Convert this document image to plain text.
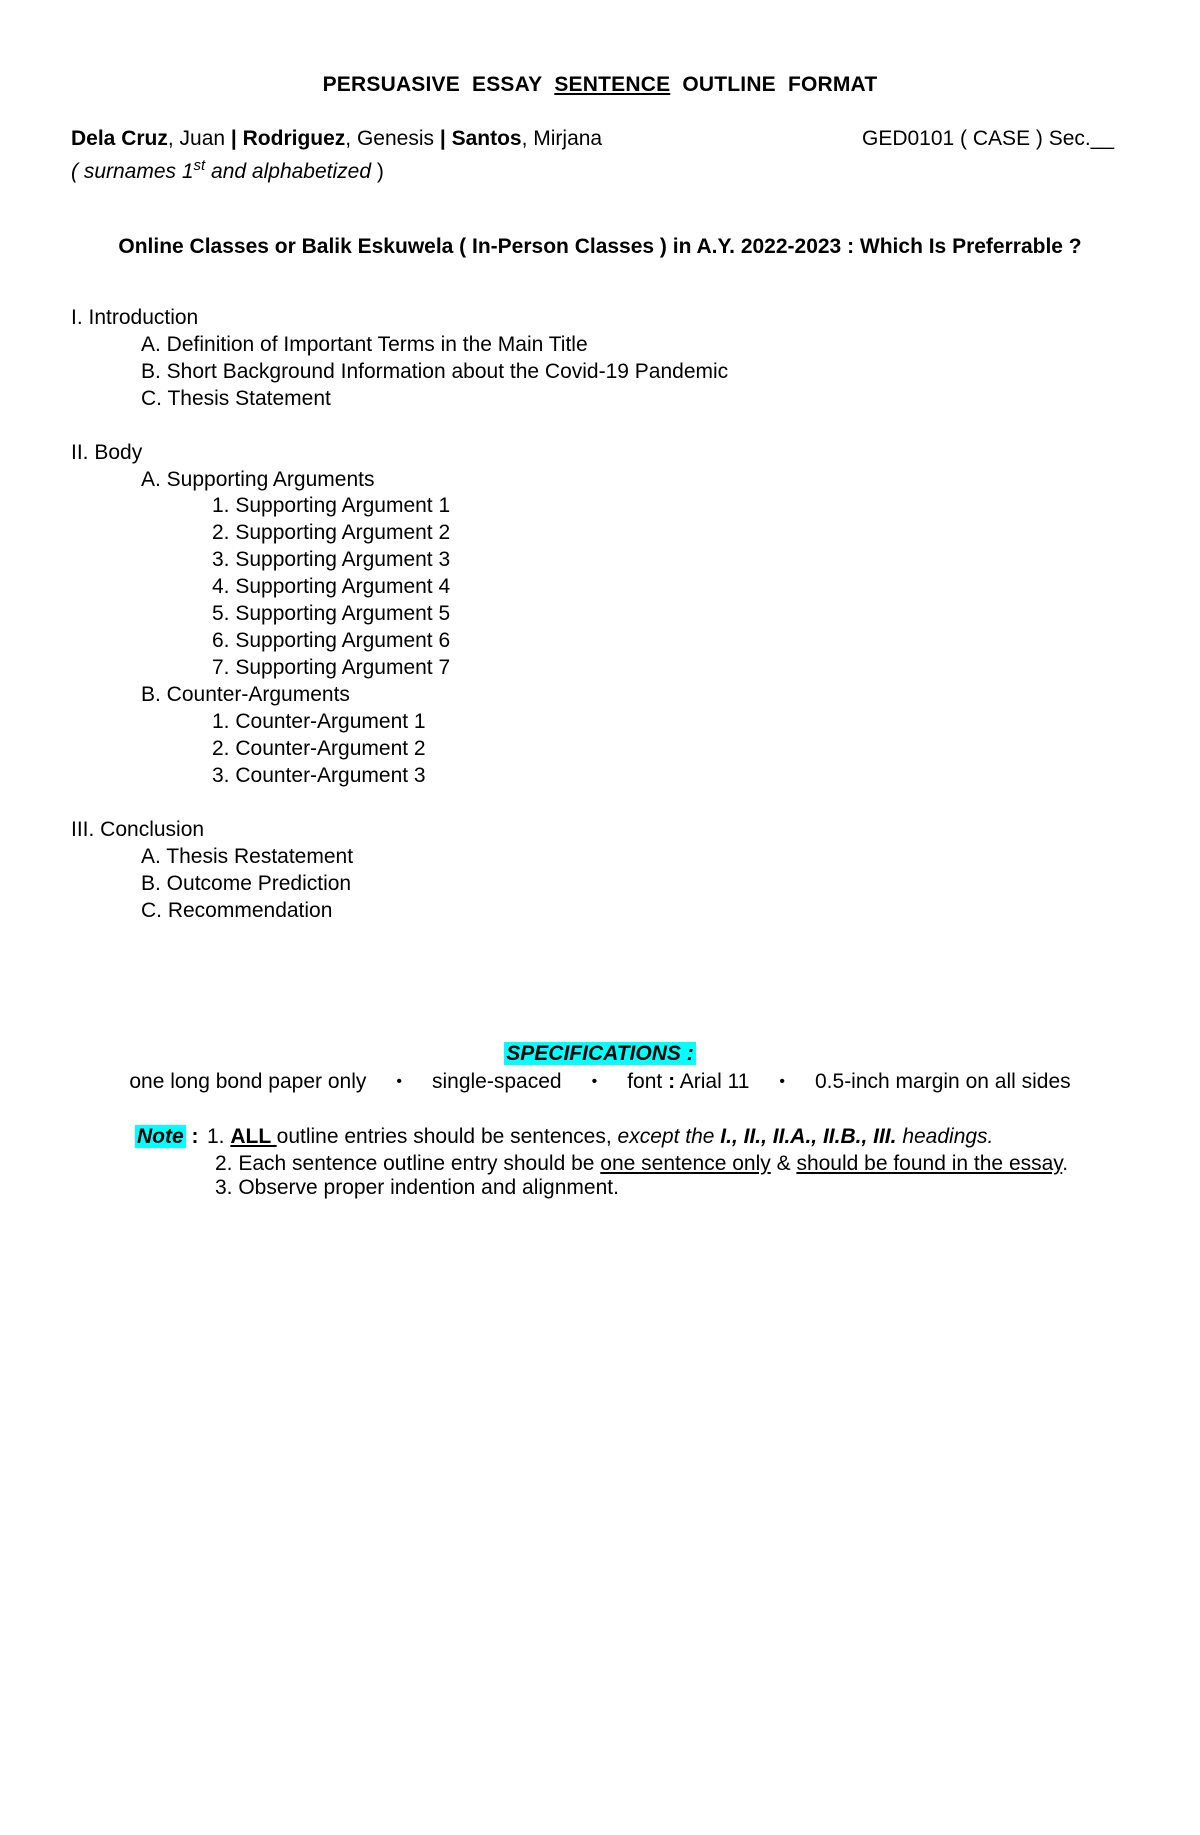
PERSUASIVE ESSAY SENTENCE OUTLINE FORMAT
Dela Cruz, Juan | Rodriguez, Genesis | Santos, Mirjana	GED0101 ( CASE ) Sec.__
( surnames 1st and alphabetized )
Online Classes or Balik Eskuwela ( In-Person Classes ) in A.Y. 2022-2023 : Which Is Preferrable ?
I. Introduction
A. Definition of Important Terms in the Main Title
B. Short Background Information about the Covid-19 Pandemic
C. Thesis Statement
II. Body
A. Supporting Arguments
1. Supporting Argument 1
2. Supporting Argument 2
3. Supporting Argument 3
4. Supporting Argument 4
5. Supporting Argument 5
6. Supporting Argument 6
7. Supporting Argument 7
B. Counter-Arguments
1. Counter-Argument 1
2. Counter-Argument 2
3. Counter-Argument 3
III. Conclusion
A. Thesis Restatement
B. Outcome Prediction
C. Recommendation
SPECIFICATIONS :
one long bond paper only • single-spaced • font : Arial 11 • 0.5-inch margin on all sides
Note : 1. ALL outline entries should be sentences, except the I., II., II.A., II.B., III. headings.
2. Each sentence outline entry should be one sentence only & should be found in the essay.
3. Observe proper indention and alignment.
